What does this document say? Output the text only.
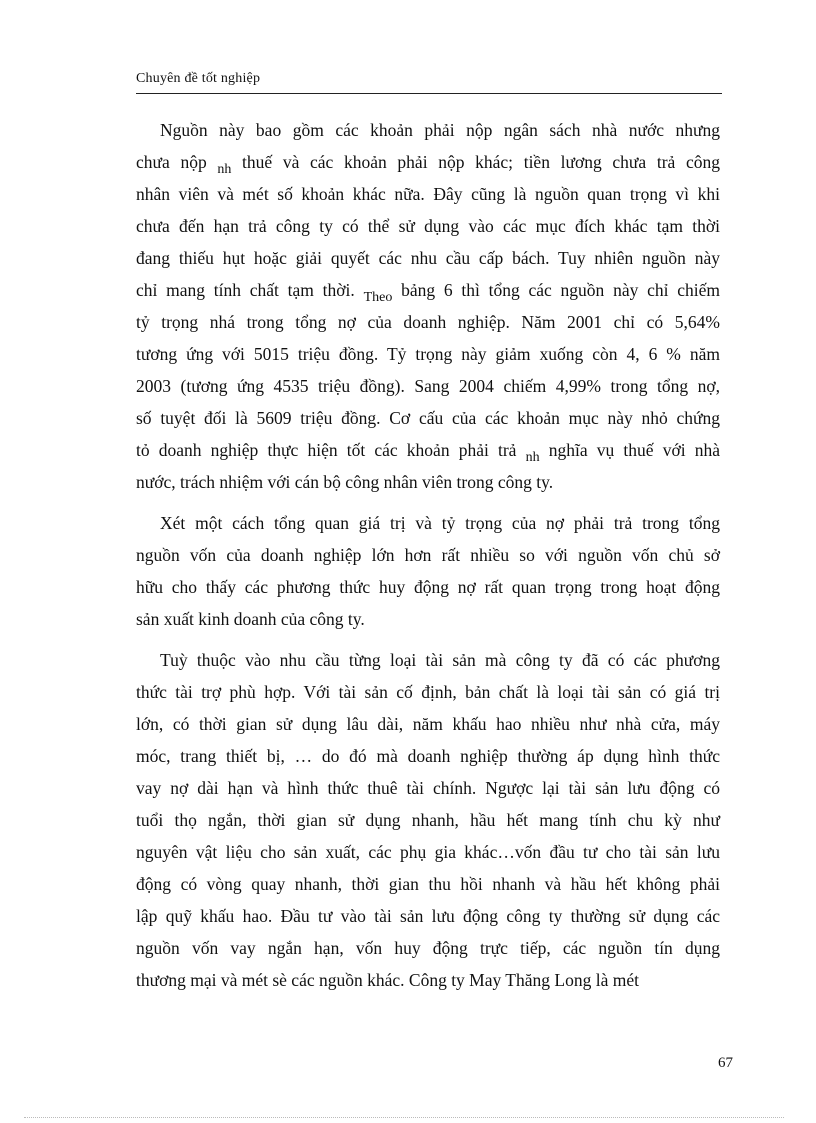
Chuyên đề tốt nghiệp
Nguồn này bao gồm các khoản phải nộp ngân sách nhà nước nhưng
chưa nộp $_{nh}$ thuế và các khoản phải nộp khác; tiền lương chưa trả công
nhân viên và mét số khoản khác nữa. Đây cũng là nguồn quan trọng vì khi
chưa đến hạn trả công ty có thể sử dụng vào các mục đích khác tạm thời
đang thiếu hụt hoặc giải quyết các nhu cầu cấp bách. Tuy nhiên nguồn này
chỉ mang tính chất tạm thời. $_{Theo}$ bảng 6 thì tổng các nguồn này chỉ chiếm
tỷ trọng nhá trong tổng nợ của doanh nghiệp. Năm 2001 chỉ có 5,64%
tương ứng với 5015 triệu đồng. Tỷ trọng này giảm xuống còn 4, 6 % năm
2003 (tương ứng 4535 triệu đồng). Sang 2004 chiếm 4,99% trong tổng nợ,
số tuyệt đối là 5609 triệu đồng. Cơ cấu của các khoản mục này nhỏ chứng
tỏ doanh nghiệp thực hiện tốt các khoản phải trả $_{nh}$ nghĩa vụ thuế với nhà
nước, trách nhiệm với cán bộ công nhân viên trong công ty.
Xét một cách tổng quan giá trị và tỷ trọng của nợ phải trả trong tổng
nguồn vốn của doanh nghiệp lớn hơn rất nhiều so với nguồn vốn chủ sở
hữu cho thấy các phương thức huy động nợ rất quan trọng trong hoạt động
sản xuất kinh doanh của công ty.
Tuỳ thuộc vào nhu cầu từng loại tài sản mà công ty đã có các phương
thức tài trợ phù hợp. Với tài sản cố định, bản chất là loại tài sản có giá trị
lớn, có thời gian sử dụng lâu dài, năm khấu hao nhiều như nhà cửa, máy
móc, trang thiết bị, … do đó mà doanh nghiệp thường áp dụng hình thức
vay nợ dài hạn và hình thức thuê tài chính. Ngược lại tài sản lưu động có
tuổi thọ ngắn, thời gian sử dụng nhanh, hầu hết mang tính chu kỳ như
nguyên vật liệu cho sản xuất, các phụ gia khác…vốn đầu tư cho tài sản lưu
động có vòng quay nhanh, thời gian thu hồi nhanh và hầu hết không phải
lập quỹ khấu hao. Đầu tư vào tài sản lưu động công ty thường sử dụng các
nguồn vốn vay ngắn hạn, vốn huy động trực tiếp, các nguồn tín dụng
thương mại và mét sè các nguồn khác. Công ty May Thăng Long là mét
67
